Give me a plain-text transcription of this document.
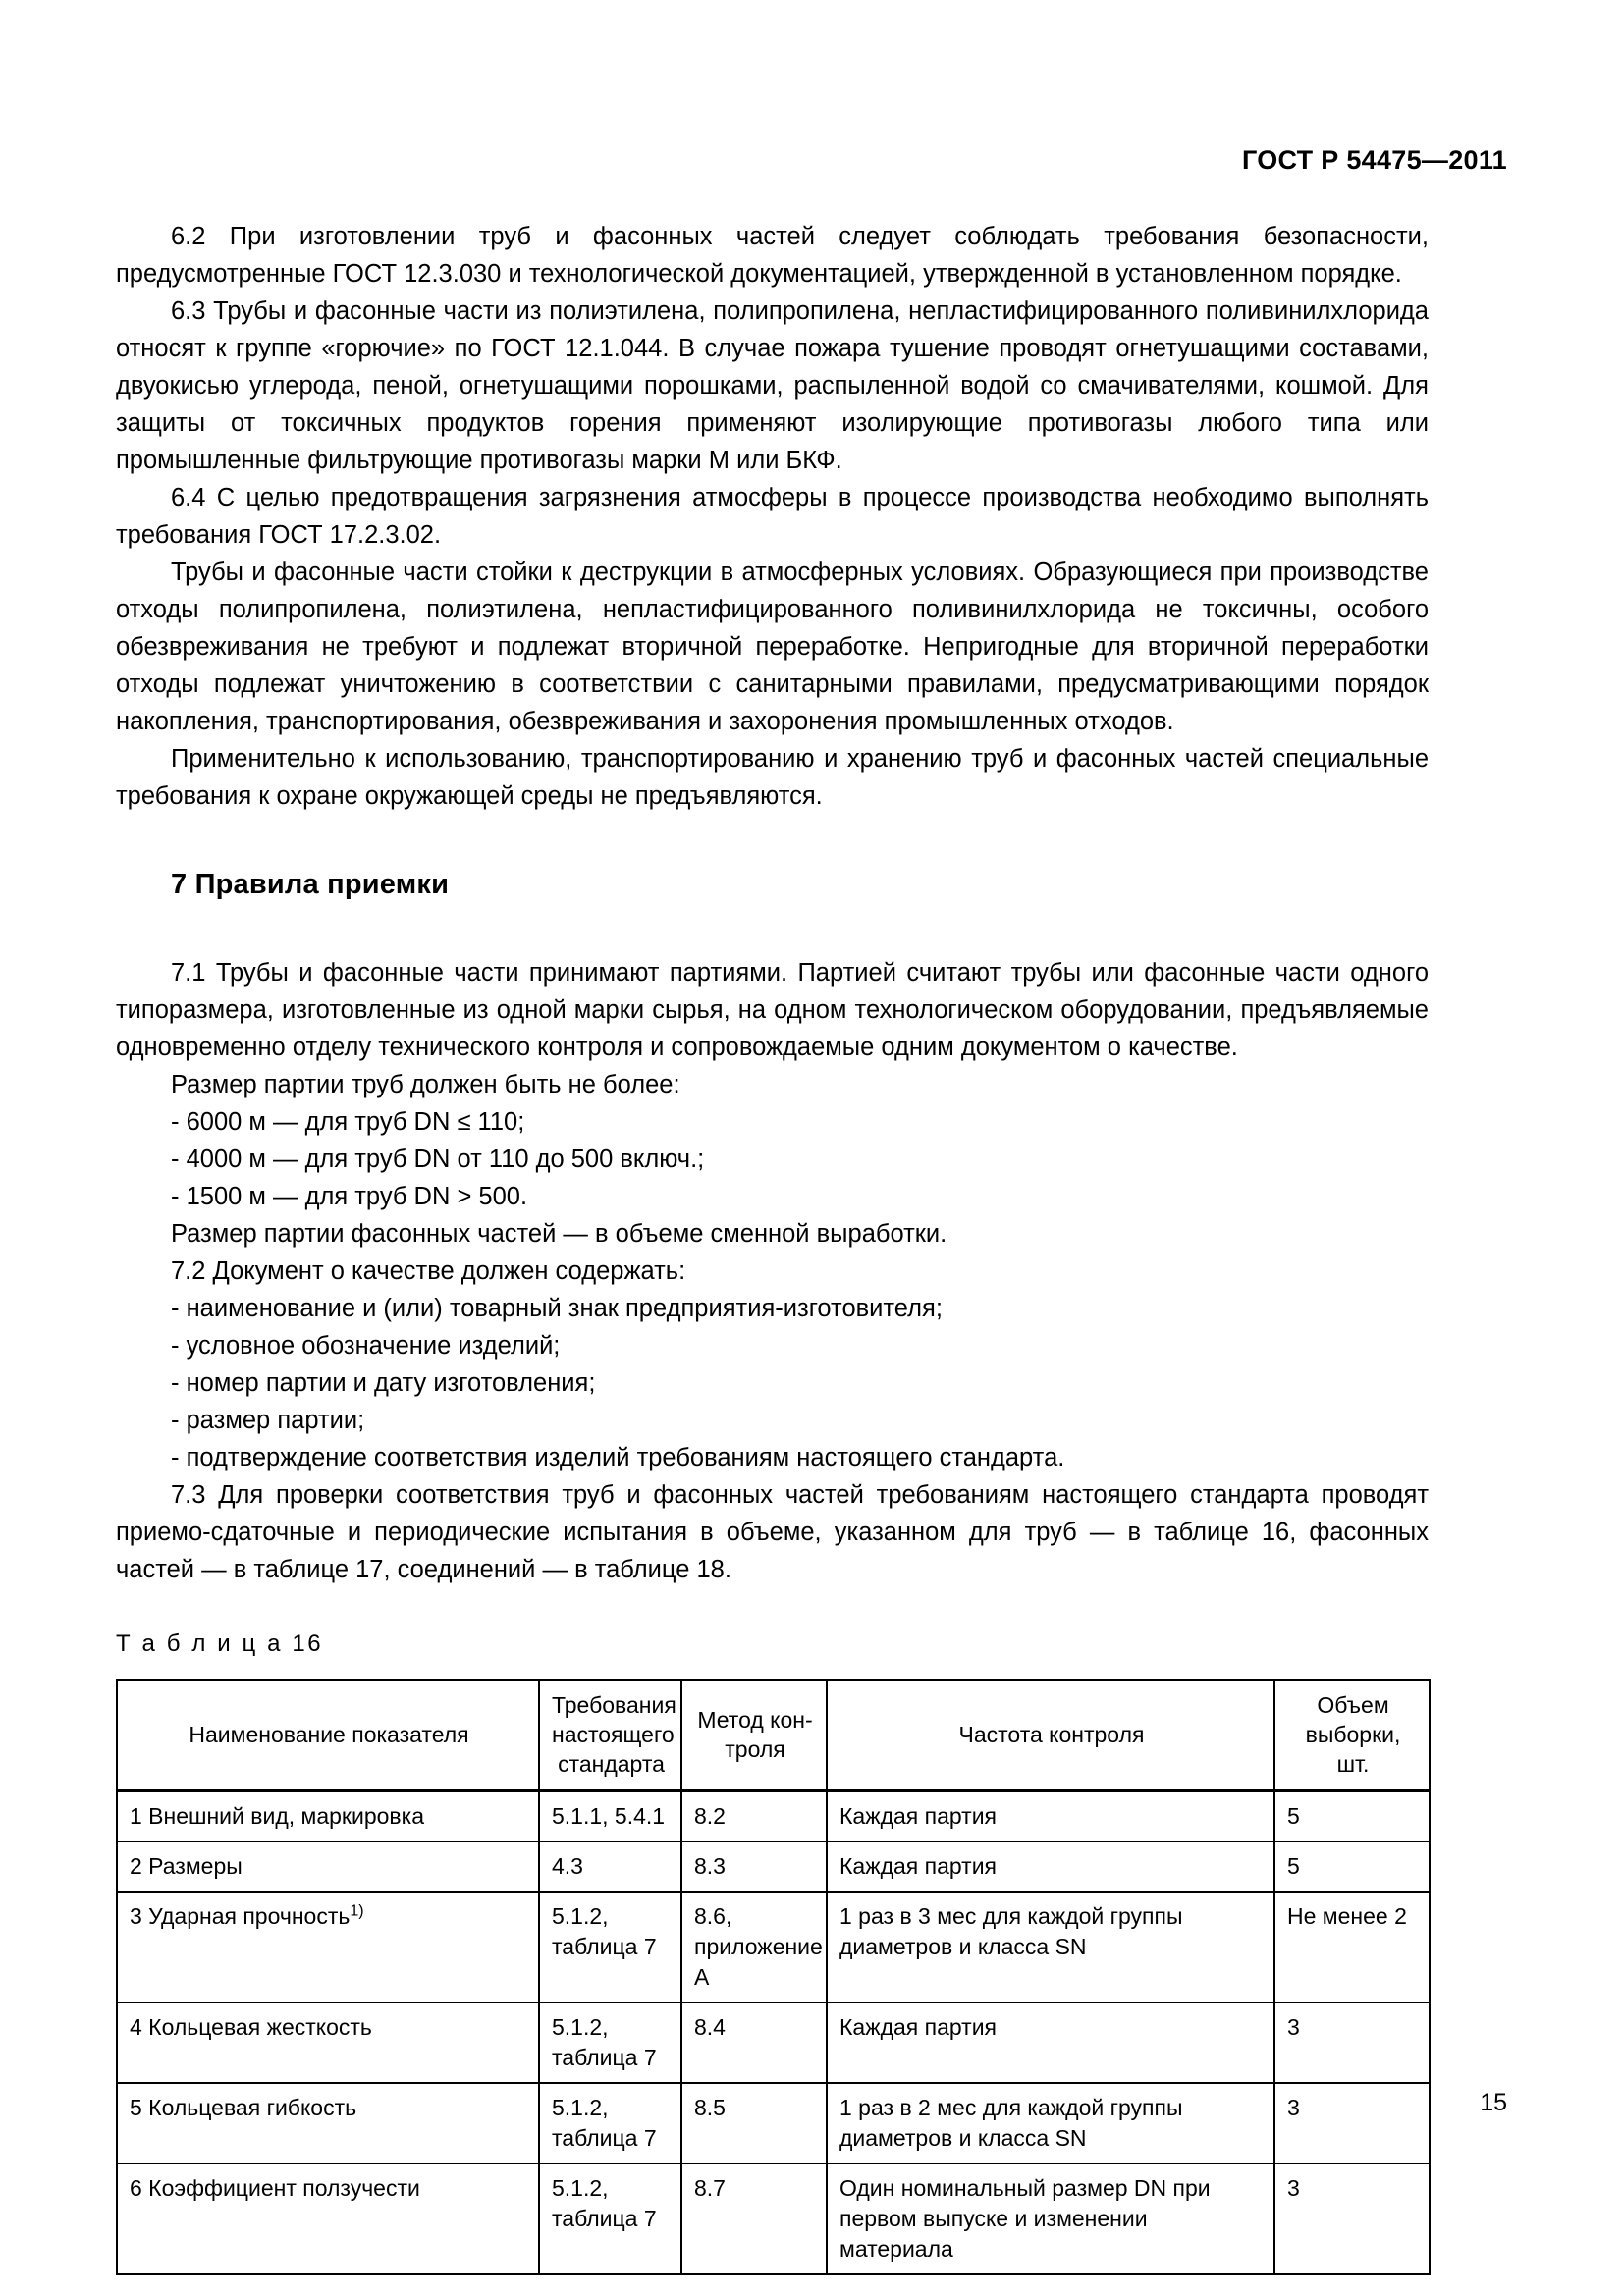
ГОСТ Р 54475—2011

6.2 При изготовлении труб и фасонных частей следует соблюдать требования безопасности, предусмотренные ГОСТ 12.3.030 и технологической документацией, утвержденной в установленном порядке.

6.3 Трубы и фасонные части из полиэтилена, полипропилена, непластифицированного поливинилхлорида относят к группе «горючие» по ГОСТ 12.1.044. В случае пожара тушение проводят огнетушащими составами, двуокисью углерода, пеной, огнетушащими порошками, распыленной водой со смачивателями, кошмой. Для защиты от токсичных продуктов горения применяют изолирующие противогазы любого типа или промышленные фильтрующие противогазы марки М или БКФ.

6.4 С целью предотвращения загрязнения атмосферы в процессе производства необходимо выполнять требования ГОСТ 17.2.3.02.

Трубы и фасонные части стойки к деструкции в атмосферных условиях. Образующиеся при производстве отходы полипропилена, полиэтилена, непластифицированного поливинилхлорида не токсичны, особого обезвреживания не требуют и подлежат вторичной переработке. Непригодные для вторичной переработки отходы подлежат уничтожению в соответствии с санитарными правилами, предусматривающими порядок накопления, транспортирования, обезвреживания и захоронения промышленных отходов.

Применительно к использованию, транспортированию и хранению труб и фасонных частей специальные требования к охране окружающей среды не предъявляются.

7 Правила приемки

7.1 Трубы и фасонные части принимают партиями. Партией считают трубы или фасонные части одного типоразмера, изготовленные из одной марки сырья, на одном технологическом оборудовании, предъявляемые одновременно отделу технического контроля и сопровождаемые одним документом о качестве.

Размер партии труб должен быть не более:

- 6000 м — для труб DN ≤ 110;

- 4000 м — для труб DN от 110 до 500 включ.;

- 1500 м — для труб DN > 500.

Размер партии фасонных частей — в объеме сменной выработки.

7.2 Документ о качестве должен содержать:

- наименование и (или) товарный знак предприятия-изготовителя;

- условное обозначение изделий;

- номер партии и дату изготовления;

- размер партии;

- подтверждение соответствия изделий требованиям настоящего стандарта.

7.3 Для проверки соответствия труб и фасонных частей требованиям настоящего стандарта проводят приемо-сдаточные и периодические испытания в объеме, указанном для труб — в таблице 16, фасонных частей — в таблице 17, соединений — в таблице 18.

Т а б л и ц а 16

Наименование показателя	Требования настоящего стандарта	Метод кон-троля	Частота контроля	Объем выборки, шт.
1 Внешний вид, маркировка	5.1.1, 5.4.1	8.2	Каждая партия	5
2 Размеры	4.3	8.3	Каждая партия	5
3 Ударная прочность$^{1)}$	5.1.2, таблица 7	8.6, приложение А	1 раз в 3 мес для каждой группы диаметров и класса SN	Не менее 2
4 Кольцевая жесткость	5.1.2, таблица 7	8.4	Каждая партия	3
5 Кольцевая гибкость	5.1.2, таблица 7	8.5	1 раз в 2 мес для каждой группы диаметров и класса SN	3
6 Коэффициент ползучести	5.1.2, таблица 7	8.7	Один номинальный размер DN при первом выпуске и изменении материала	3
15
